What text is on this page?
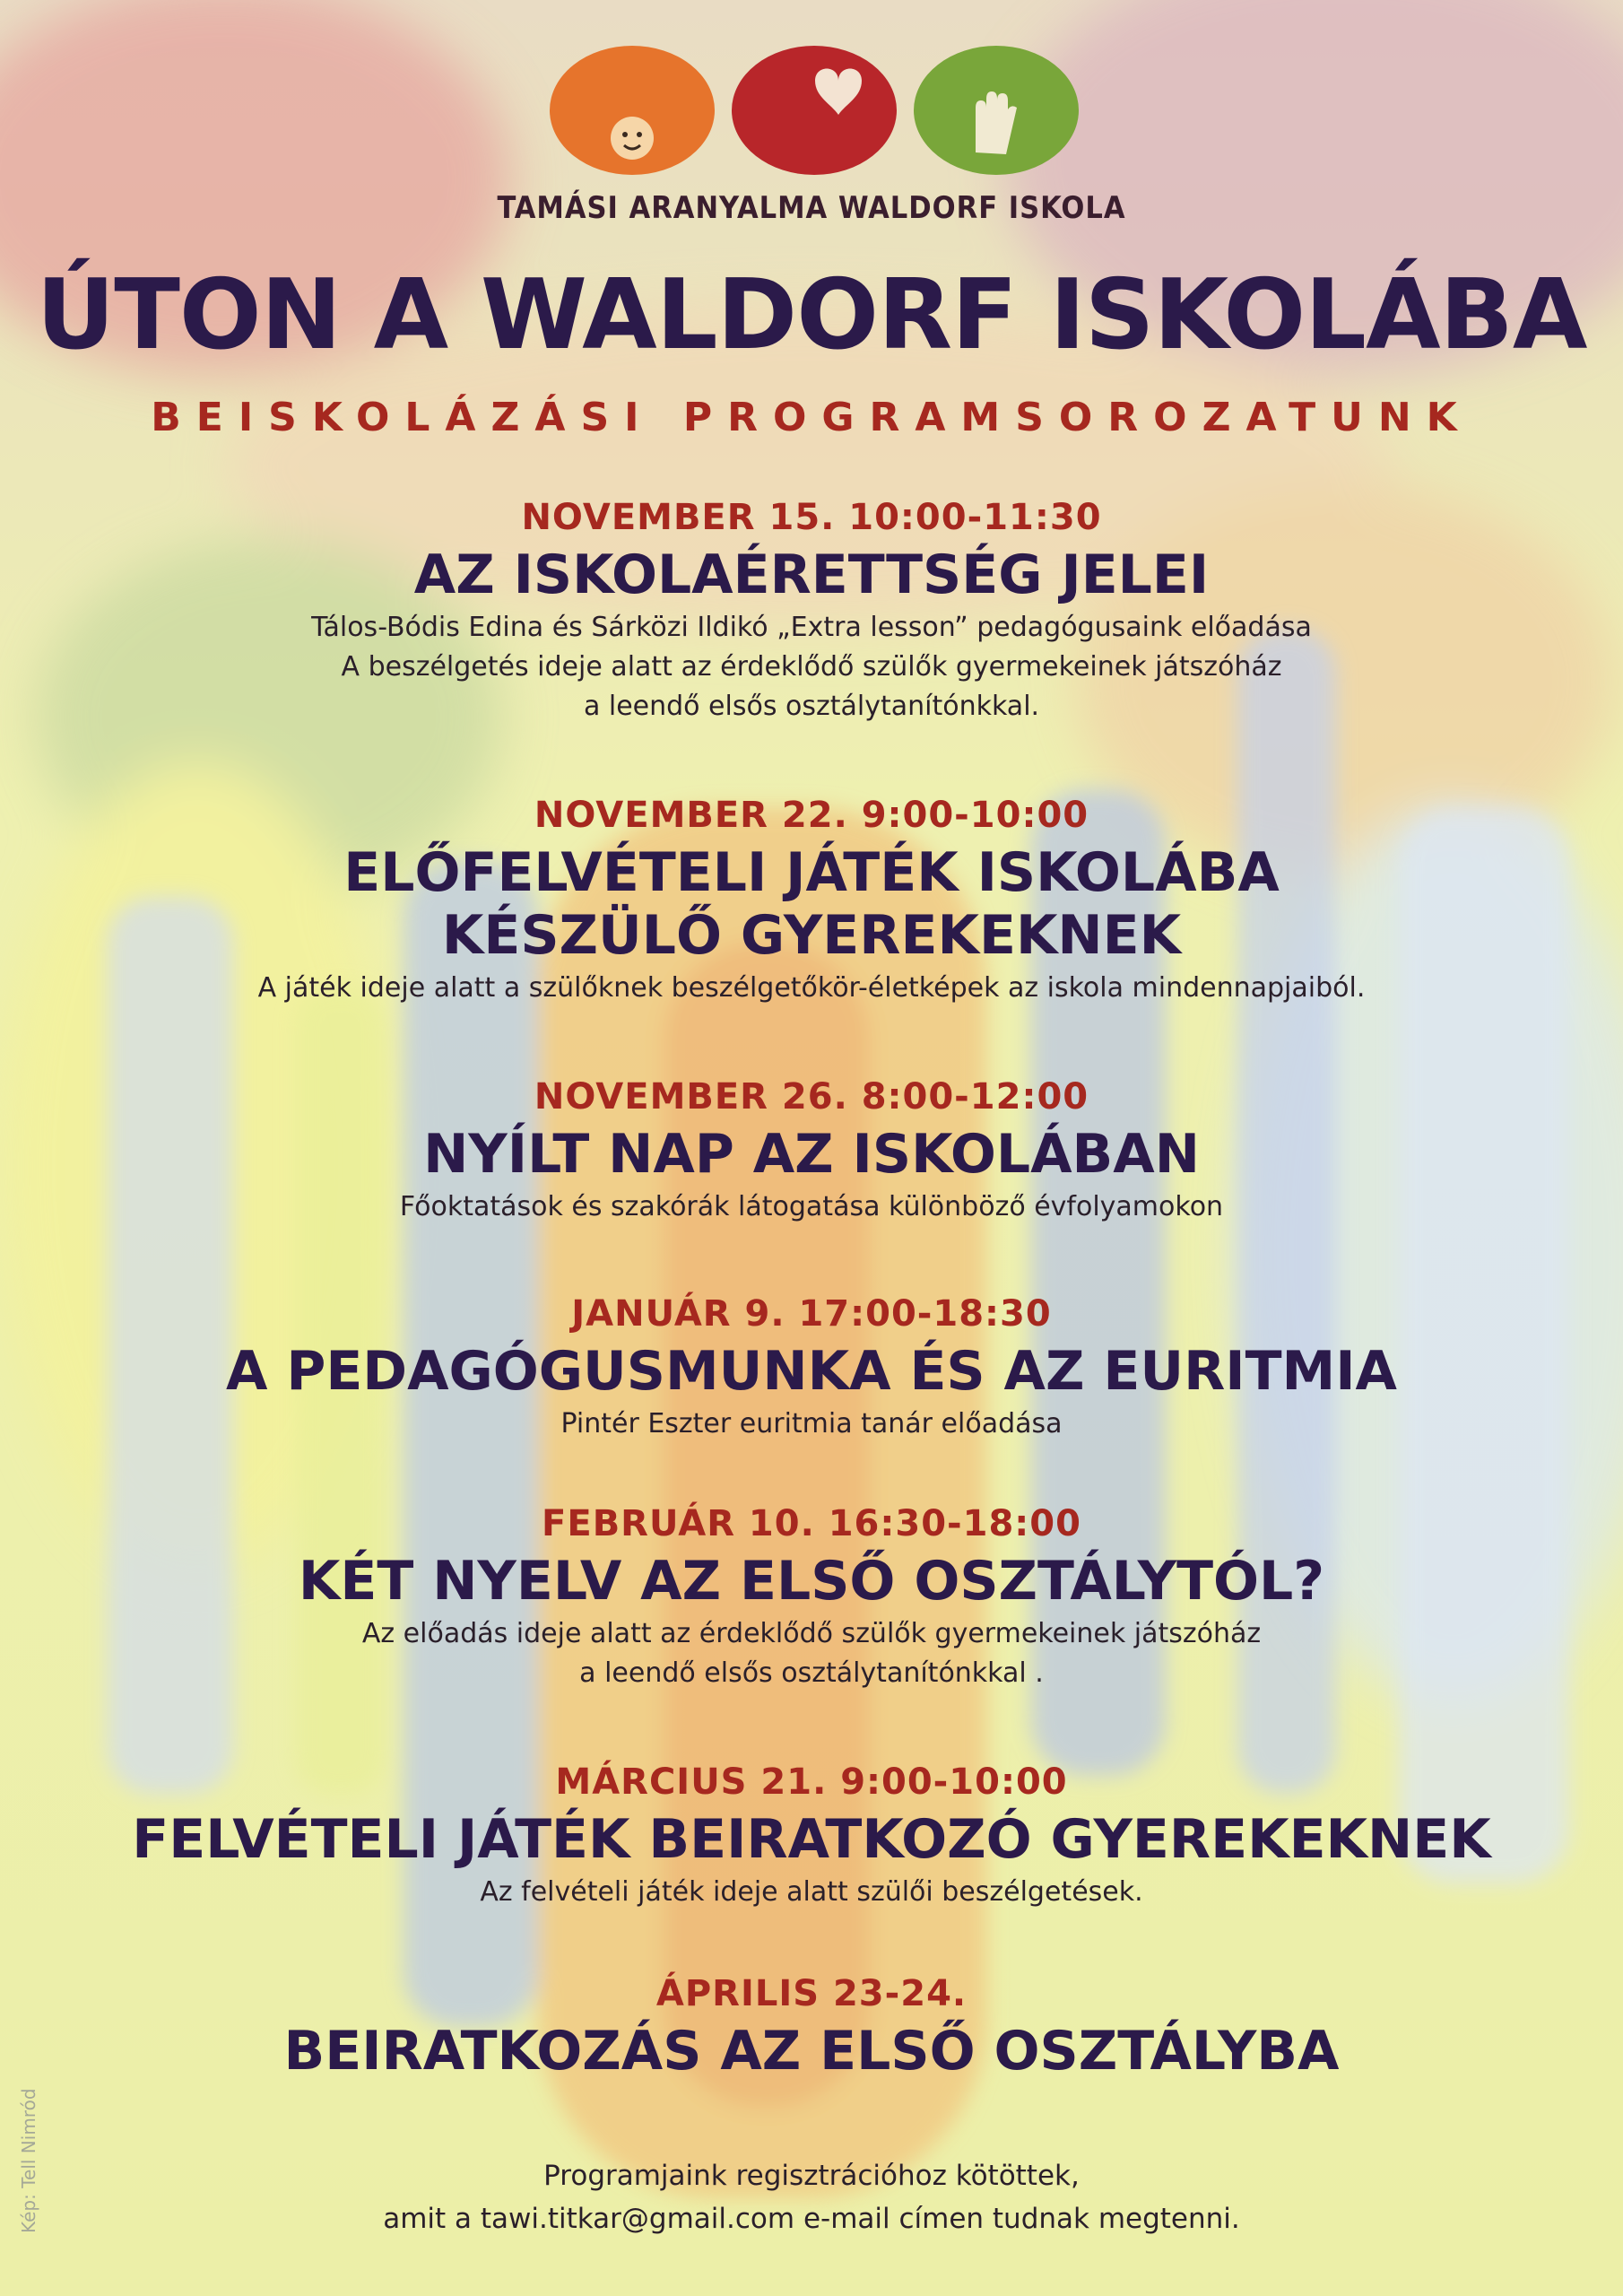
TAMÁSI ARANYALMA WALDORF ISKOLA
ÚTON A WALDORF ISKOLÁBA
BEISKOLÁZÁSI PROGRAMSOROZATUNK
NOVEMBER 15. 10:00-11:30
AZ ISKOLAÉRETTSÉG JELEI
Tálos-Bódis Edina és Sárközi Ildikó „Extra lesson” pedagógusaink előadása
A beszélgetés ideje alatt az érdeklődő szülők gyermekeinek játszóház
a leendő elsős osztálytanítónkkal.
NOVEMBER 22. 9:00-10:00
ELŐFELVÉTELI JÁTÉK ISKOLÁBA
KÉSZÜLŐ GYEREKEKNEK
A játék ideje alatt a szülőknek beszélgetőkör-életképek az iskola mindennapjaiból.
NOVEMBER 26. 8:00-12:00
NYÍLT NAP AZ ISKOLÁBAN
Főoktatások és szakórák látogatása különböző évfolyamokon
JANUÁR 9. 17:00-18:30
A PEDAGÓGUSMUNKA ÉS AZ EURITMIA
Pintér Eszter euritmia tanár előadása
FEBRUÁR 10. 16:30-18:00
KÉT NYELV AZ ELSŐ OSZTÁLYTÓL?
Az előadás ideje alatt az érdeklődő szülők gyermekeinek játszóház
a leendő elsős osztálytanítónkkal .
MÁRCIUS 21. 9:00-10:00
FELVÉTELI JÁTÉK BEIRATKOZÓ GYEREKEKNEK
Az felvételi játék ideje alatt szülői beszélgetések.
ÁPRILIS 23-24.
BEIRATKOZÁS AZ ELSŐ OSZTÁLYBA
Programjaink regisztrációhoz kötöttek,
amit a tawi.titkar@gmail.com e-mail címen tudnak megtenni.
Kép: Tell Nimród
